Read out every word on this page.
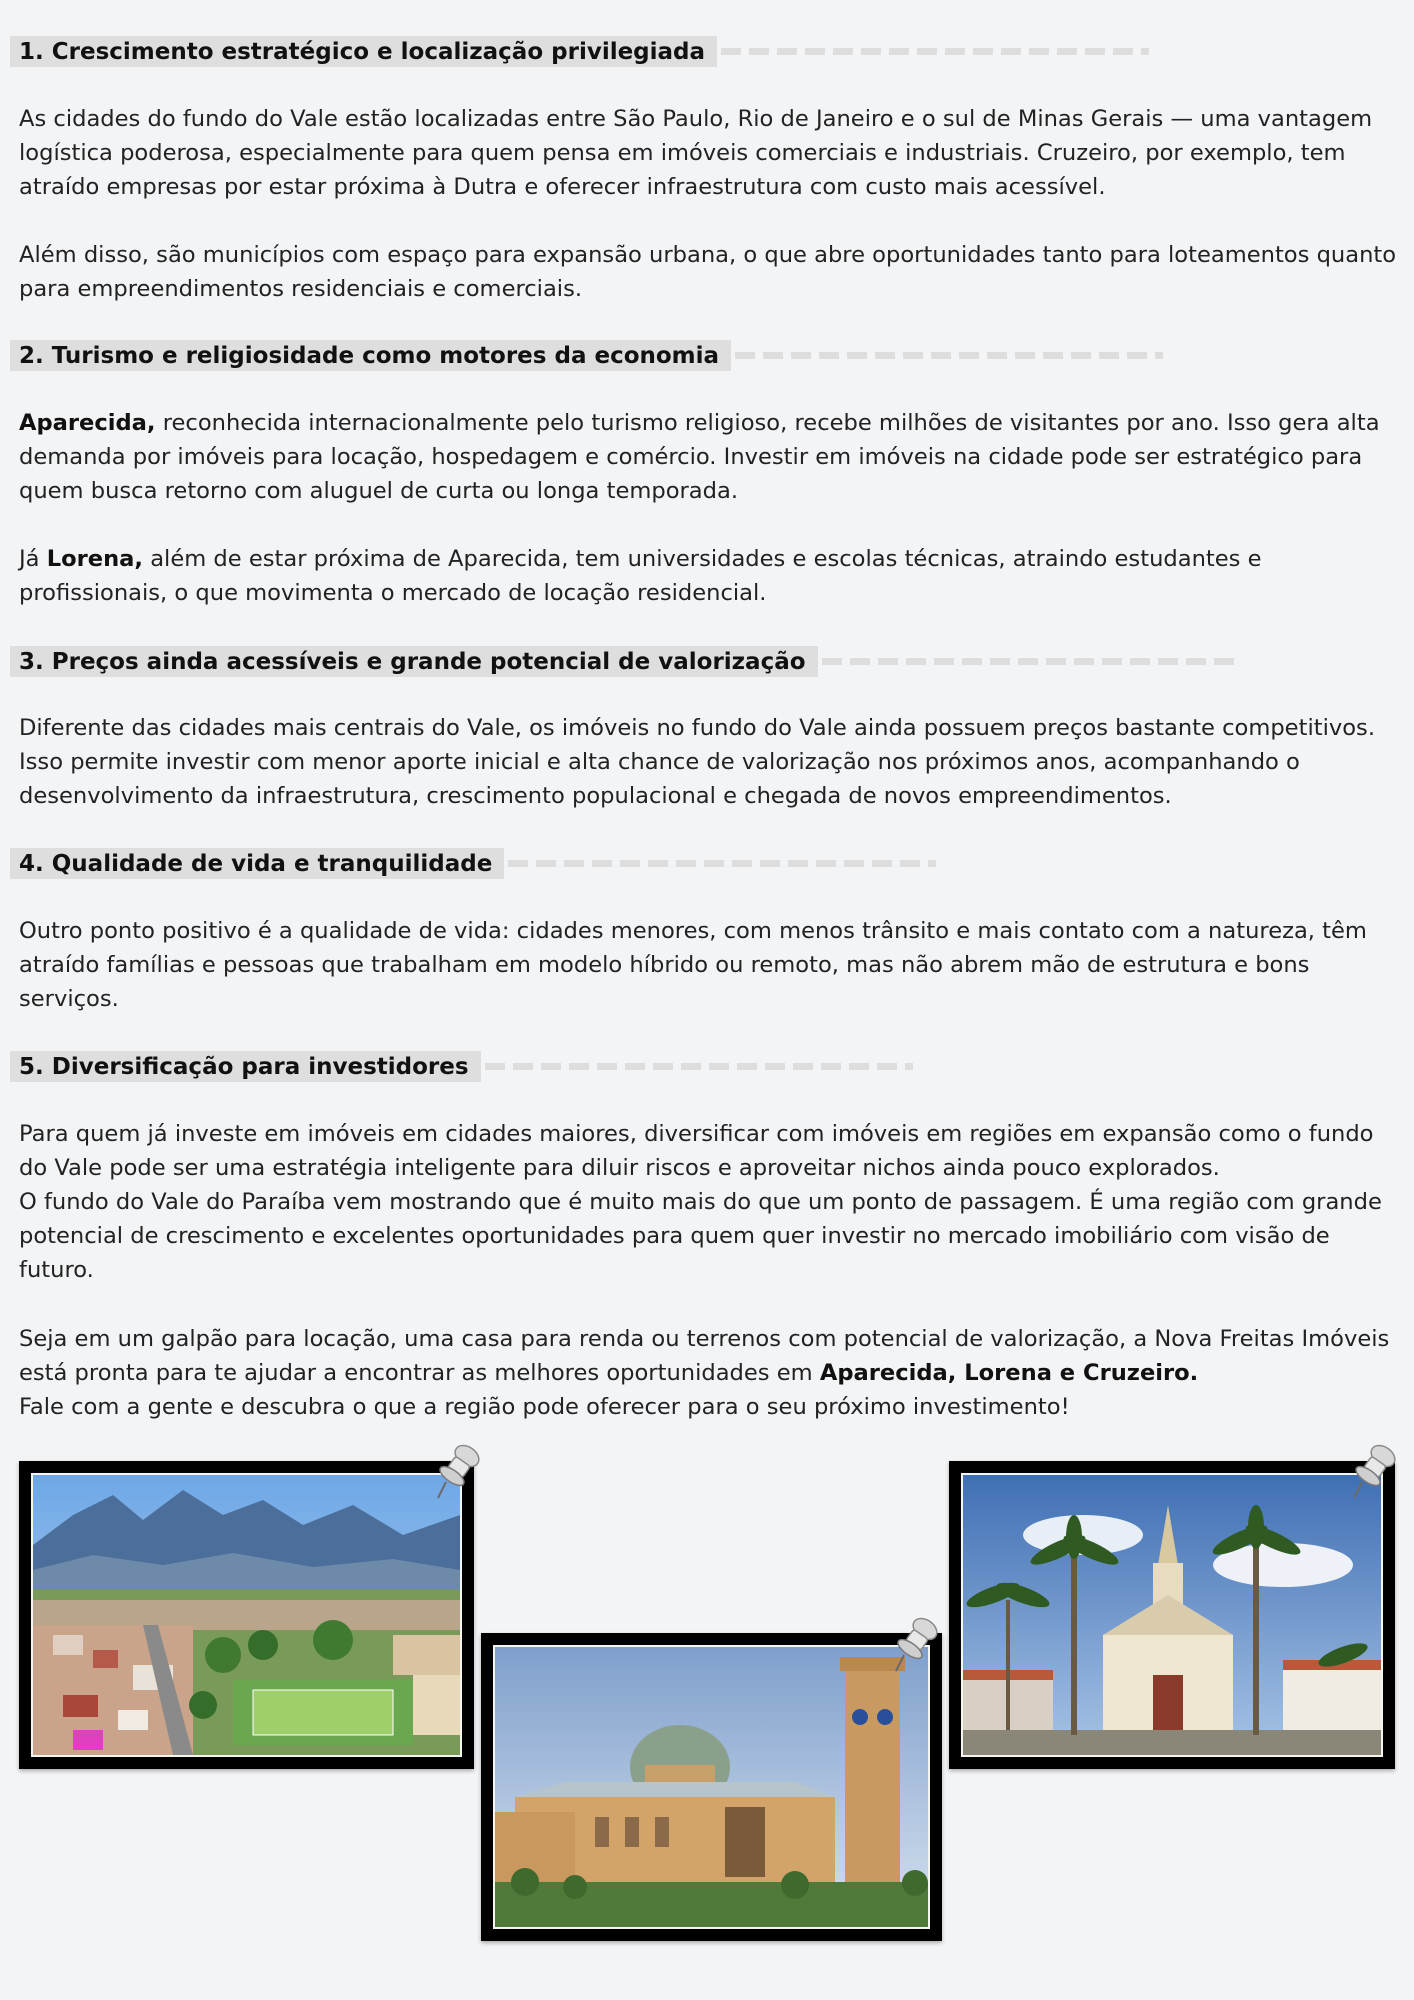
1. Crescimento estratégico e localização privilegiada

As cidades do fundo do Vale estão localizadas entre São Paulo, Rio de Janeiro e o sul de Minas Gerais — uma vantagem logística poderosa, especialmente para quem pensa em imóveis comerciais e industriais. Cruzeiro, por exemplo, tem atraído empresas por estar próxima à Dutra e oferecer infraestrutura com custo mais acessível.

Além disso, são municípios com espaço para expansão urbana, o que abre oportunidades tanto para loteamentos quanto para empreendimentos residenciais e comerciais.

2. Turismo e religiosidade como motores da economia

Aparecida, reconhecida internacionalmente pelo turismo religioso, recebe milhões de visitantes por ano. Isso gera alta demanda por imóveis para locação, hospedagem e comércio. Investir em imóveis na cidade pode ser estratégico para quem busca retorno com aluguel de curta ou longa temporada.

Já Lorena, além de estar próxima de Aparecida, tem universidades e escolas técnicas, atraindo estudantes e profissionais, o que movimenta o mercado de locação residencial.

3. Preços ainda acessíveis e grande potencial de valorização

Diferente das cidades mais centrais do Vale, os imóveis no fundo do Vale ainda possuem preços bastante competitivos. Isso permite investir com menor aporte inicial e alta chance de valorização nos próximos anos, acompanhando o desenvolvimento da infraestrutura, crescimento populacional e chegada de novos empreendimentos.

4. Qualidade de vida e tranquilidade

Outro ponto positivo é a qualidade de vida: cidades menores, com menos trânsito e mais contato com a natureza, têm atraído famílias e pessoas que trabalham em modelo híbrido ou remoto, mas não abrem mão de estrutura e bons serviços.

5. Diversificação para investidores

Para quem já investe em imóveis em cidades maiores, diversificar com imóveis em regiões em expansão como o fundo do Vale pode ser uma estratégia inteligente para diluir riscos e aproveitar nichos ainda pouco explorados.
O fundo do Vale do Paraíba vem mostrando que é muito mais do que um ponto de passagem. É uma região com grande potencial de crescimento e excelentes oportunidades para quem quer investir no mercado imobiliário com visão de futuro.

Seja em um galpão para locação, uma casa para renda ou terrenos com potencial de valorização, a Nova Freitas Imóveis está pronta para te ajudar a encontrar as melhores oportunidades em Aparecida, Lorena e Cruzeiro.
Fale com a gente e descubra o que a região pode oferecer para o seu próximo investimento!
